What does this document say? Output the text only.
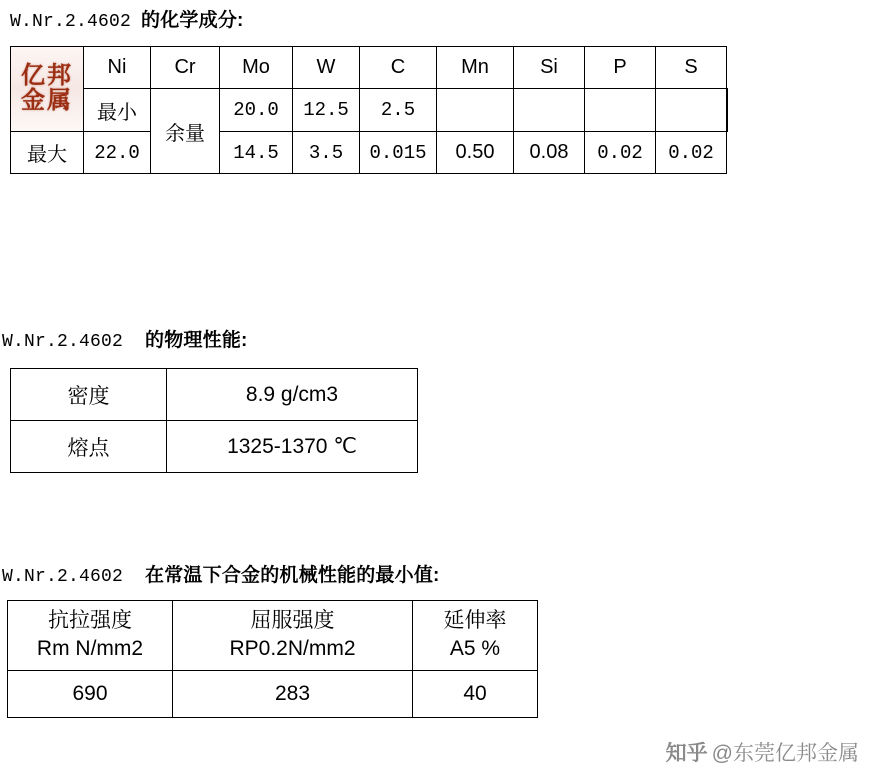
W.Nr.2.4602 的化学成分:
亿邦
金属	Ni	Cr	Mo	W	C	Mn	Si	P	S	
	最小	余量	20.0	12.5	2.5					
最大	22.0		14.5	3.5	0.015	0.50	0.08	0.02	0.02	
W.Nr.2.4602 的物理性能:
密度	8.9 g/cm3
熔点	1325-1370 ℃
W.Nr.2.4602 在常温下合金的机械性能的最小值:
抗拉强度
Rm N/mm2

屈服强度
RP0.2N/mm2

延伸率
A5 %

690	283	40
知乎 @东莞亿邦金属
